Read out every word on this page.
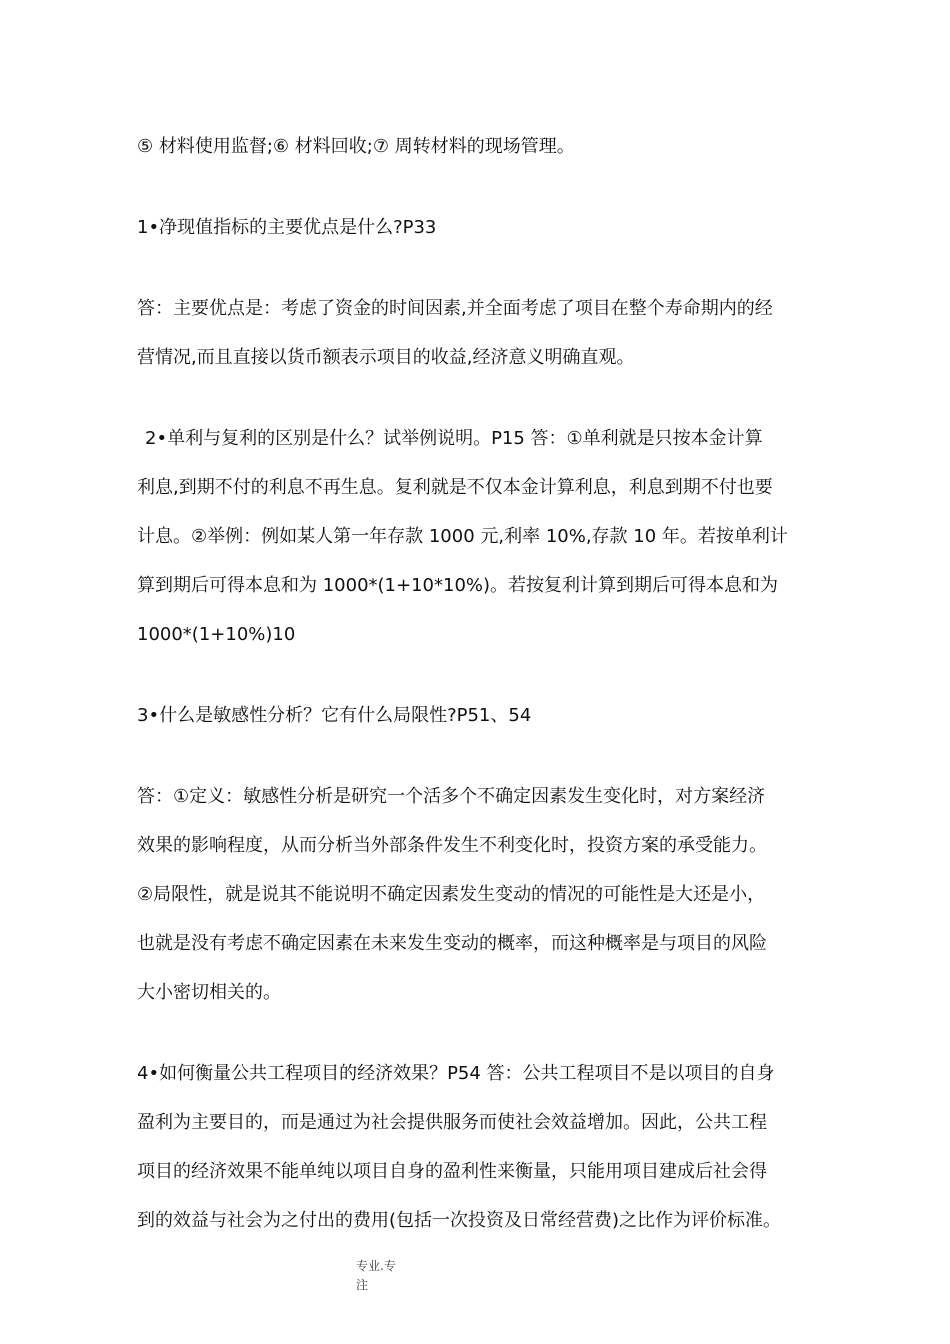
⑤ 材料使用监督;⑥ 材料回收;⑦ 周转材料的现场管理。

1•净现值指标的主要优点是什么?P33

答：主要优点是：考虑了资金的时间因素,并全面考虑了项目在整个寿命期内的经
营情况,而且直接以货币额表示项目的收益,经济意义明确直观。

2•单利与复利的区别是什么？试举例说明。P15 答：①单利就是只按本金计算
利息,到期不付的利息不再生息。复利就是不仅本金计算利息，利息到期不付也要
计息。②举例：例如某人第一年存款 1000 元,利率 10%,存款 10 年。若按单利计
算到期后可得本息和为 1000*(1+10*10%)。若按复利计算到期后可得本息和为
1000*(1+10%)10

3•什么是敏感性分析？它有什么局限性?P51、54

答：①定义：敏感性分析是研究一个活多个不确定因素发生变化时，对方案经济
效果的影响程度，从而分析当外部条件发生不利变化时，投资方案的承受能力。
②局限性，就是说其不能说明不确定因素发生变动的情况的可能性是大还是小，
也就是没有考虑不确定因素在未来发生变动的概率，而这种概率是与项目的风险
大小密切相关的。

4•如何衡量公共工程项目的经济效果？P54 答：公共工程项目不是以项目的自身
盈利为主要目的，而是通过为社会提供服务而使社会效益增加。因此，公共工程
项目的经济效果不能单纯以项目自身的盈利性来衡量，只能用项目建成后社会得
到的效益与社会为之付出的费用(包括一次投资及日常经营费)之比作为评价标准。

专业.专
注
